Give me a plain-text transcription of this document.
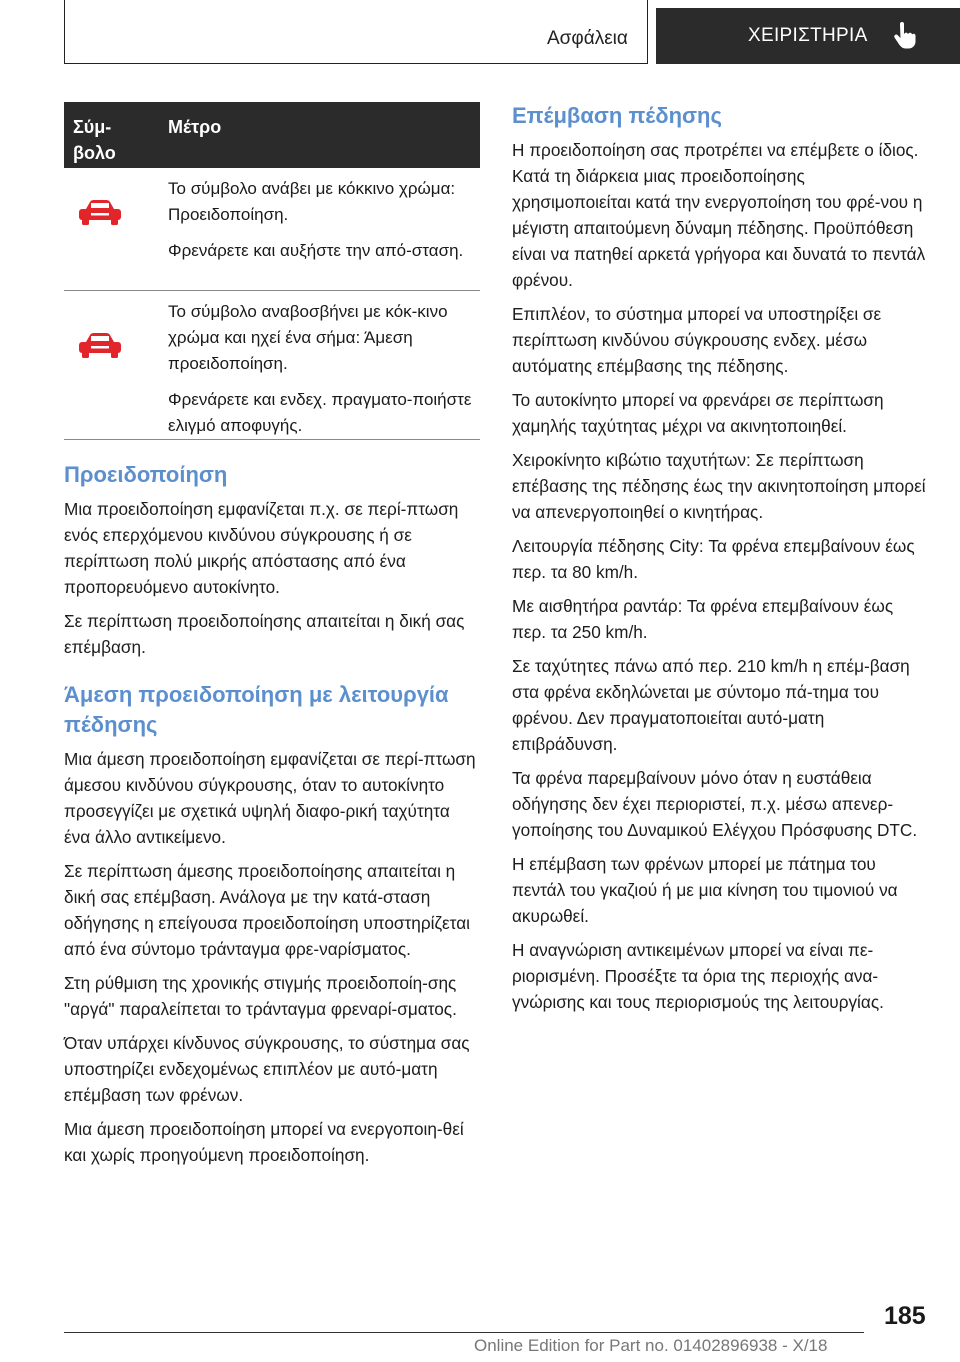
Ασφάλεια	ΧΕΙΡΙΣΤΗΡΙΑ
Σύμ-βολο
Μέτρο

Το σύμβολο ανάβει με κόκκινο χρώμα: Προειδοποίηση.

Φρενάρετε και αυξήστε την από-σταση.

Το σύμβολο αναβοσβήνει με κόκ-κινο χρώμα και ηχεί ένα σήμα: Άμεση προειδοποίηση.

Φρενάρετε και ενδεχ. πραγματο-ποιήστε ελιγμό αποφυγής.

Προειδοποίηση

Μια προειδοποίηση εμφανίζεται π.χ. σε περί-πτωση ενός επερχόμενου κινδύνου σύγκρουσης ή σε περίπτωση πολύ μικρής απόστασης από ένα προπορευόμενο αυτοκίνητο.

Σε περίπτωση προειδοποίησης απαιτείται η δική σας επέμβαση.

Άμεση προειδοποίηση με λειτουργία πέδησης

Μια άμεση προειδοποίηση εμφανίζεται σε περί-πτωση άμεσου κινδύνου σύγκρουσης, όταν το αυτοκίνητο προσεγγίζει με σχετικά υψηλή διαφο-ρική ταχύτητα ένα άλλο αντικείμενο.

Σε περίπτωση άμεσης προειδοποίησης απαιτείται η δική σας επέμβαση. Ανάλογα με την κατά-σταση οδήγησης η επείγουσα προειδοποίηση υποστηρίζεται από ένα σύντομο τράνταγμα φρε-ναρίσματος.

Στη ρύθμιση της χρονικής στιγμής προειδοποίη-σης "αργά" παραλείπεται το τράνταγμα φρεναρί-σματος.

Όταν υπάρχει κίνδυνος σύγκρουσης, το σύστημα σας υποστηρίζει ενδεχομένως επιπλέον με αυτό-ματη επέμβαση των φρένων.

Μια άμεση προειδοποίηση μπορεί να ενεργοποιη-θεί και χωρίς προηγούμενη προειδοποίηση.

Επέμβαση πέδησης

Η προειδοποίηση σας προτρέπει να επέμβετε ο ίδιος. Κατά τη διάρκεια μιας προειδοποίησης χρησιμοποιείται κατά την ενεργοποίηση του φρέ-νου η μέγιστη απαιτούμενη δύναμη πέδησης. Προϋπόθεση είναι να πατηθεί αρκετά γρήγορα και δυνατά το πεντάλ φρένου.

Επιπλέον, το σύστημα μπορεί να υποστηρίξει σε περίπτωση κινδύνου σύγκρουσης ενδεχ. μέσω αυτόματης επέμβασης της πέδησης.

Το αυτοκίνητο μπορεί να φρενάρει σε περίπτωση χαμηλής ταχύτητας μέχρι να ακινητοποιηθεί.

Χειροκίνητο κιβώτιο ταχυτήτων: Σε περίπτωση επέβασης της πέδησης έως την ακινητοποίηση μπορεί να απενεργοποιηθεί ο κινητήρας.

Λειτουργία πέδησης City: Τα φρένα επεμβαίνουν έως περ. τα 80 km/h.

Με αισθητήρα ραντάρ: Τα φρένα επεμβαίνουν έως περ. τα 250 km/h.

Σε ταχύτητες πάνω από περ. 210 km/h η επέμ-βαση στα φρένα εκδηλώνεται με σύντομο πά-τημα του φρένου. Δεν πραγματοποιείται αυτό-ματη επιβράδυνση.

Τα φρένα παρεμβαίνουν μόνο όταν η ευστάθεια οδήγησης δεν έχει περιοριστεί, π.χ. μέσω απενερ-γοποίησης του Δυναμικού Ελέγχου Πρόσφυσης DTC.

Η επέμβαση των φρένων μπορεί με πάτημα του πεντάλ του γκαζιού ή με μια κίνηση του τιμονιού να ακυρωθεί.

Η αναγνώριση αντικειμένων μπορεί να είναι πε-ριορισμένη. Προσέξτε τα όρια της περιοχής ανα-γνώρισης και τους περιορισμούς της λειτουργίας.

185
Online Edition for Part no. 01402896938 - X/18
